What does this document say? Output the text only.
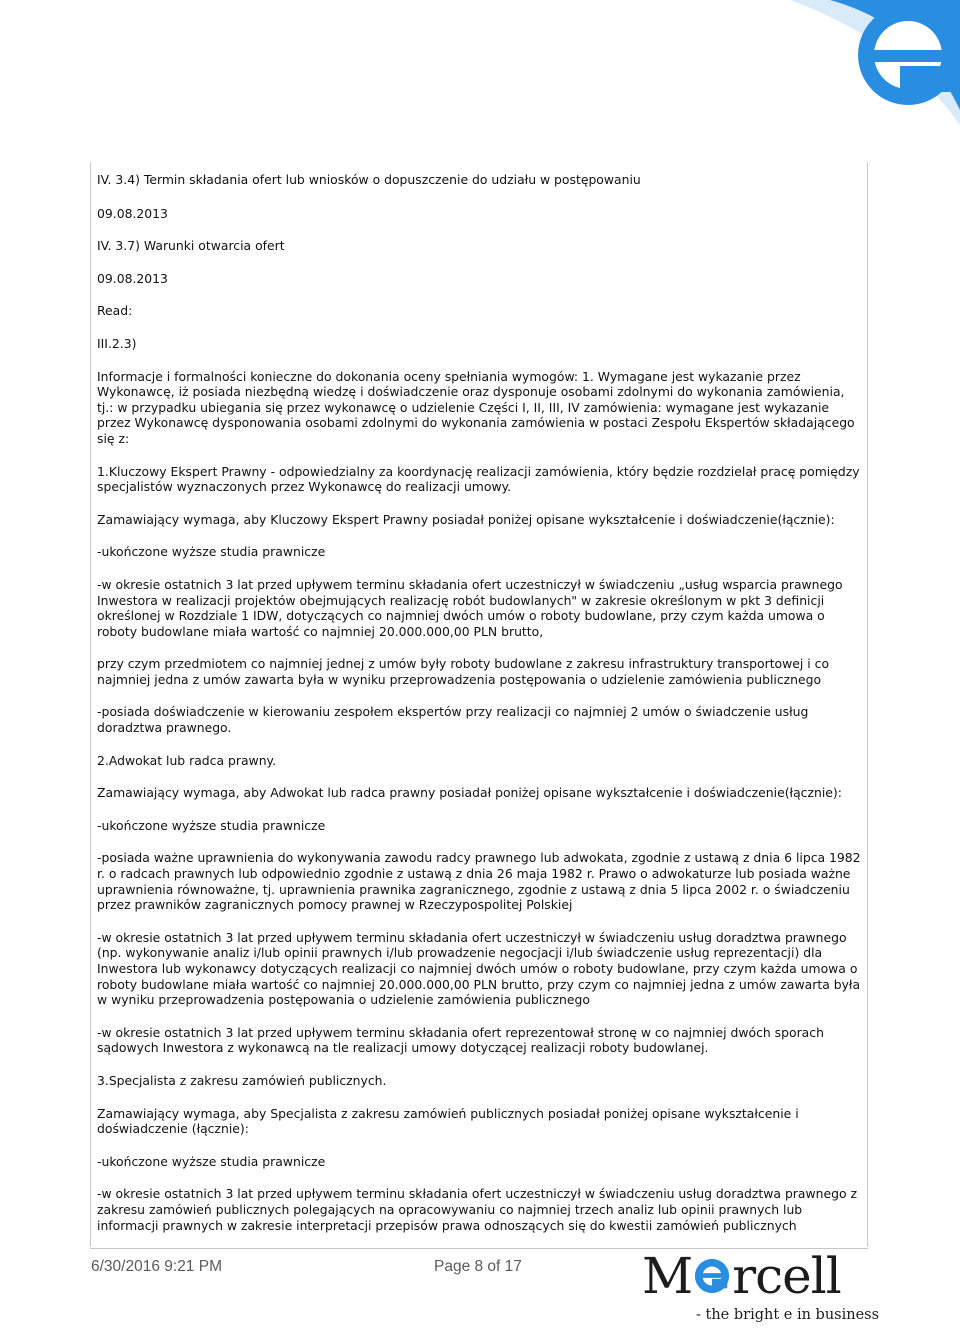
IV. 3.4) Termin składania ofert lub wniosków o dopuszczenie do udziału w postępowaniu

09.08.2013

IV. 3.7) Warunki otwarcia ofert

09.08.2013

Read:

III.2.3)

Informacje i formalności konieczne do dokonania oceny spełniania wymogów: 1. Wymagane jest wykazanie przez Wykonawcę, iż posiada niezbędną wiedzę i doświadczenie oraz dysponuje osobami zdolnymi do wykonania zamówienia, tj.: w przypadku ubiegania się przez wykonawcę o udzielenie Części I, II, III, IV zamówienia: wymagane jest wykazanie przez Wykonawcę dysponowania osobami zdolnymi do wykonania zamówienia w postaci Zespołu Ekspertów składającego się z:

1.Kluczowy Ekspert Prawny - odpowiedzialny za koordynację realizacji zamówienia, który będzie rozdzielał pracę pomiędzy specjalistów wyznaczonych przez Wykonawcę do realizacji umowy.

Zamawiający wymaga, aby Kluczowy Ekspert Prawny posiadał poniżej opisane wykształcenie i doświadczenie(łącznie):

-ukończone wyższe studia prawnicze

-w okresie ostatnich 3 lat przed upływem terminu składania ofert uczestniczył w świadczeniu „usług wsparcia prawnego Inwestora w realizacji projektów obejmujących realizację robót budowlanych" w zakresie określonym w pkt 3 definicji określonej w Rozdziale 1 IDW, dotyczących co najmniej dwóch umów o roboty budowlane, przy czym każda umowa o roboty budowlane miała wartość co najmniej 20.000.000,00 PLN brutto,

przy czym przedmiotem co najmniej jednej z umów były roboty budowlane z zakresu infrastruktury transportowej i co najmniej jedna z umów zawarta była w wyniku przeprowadzenia postępowania o udzielenie zamówienia publicznego

-posiada doświadczenie w kierowaniu zespołem ekspertów przy realizacji co najmniej 2 umów o świadczenie usług doradztwa prawnego.

2.Adwokat lub radca prawny.

Zamawiający wymaga, aby Adwokat lub radca prawny posiadał poniżej opisane wykształcenie i doświadczenie(łącznie):

-ukończone wyższe studia prawnicze

-posiada ważne uprawnienia do wykonywania zawodu radcy prawnego lub adwokata, zgodnie z ustawą z dnia 6 lipca 1982 r. o radcach prawnych lub odpowiednio zgodnie z ustawą z dnia 26 maja 1982 r. Prawo o adwokaturze lub posiada ważne uprawnienia równoważne, tj. uprawnienia prawnika zagranicznego, zgodnie z ustawą z dnia 5 lipca 2002 r. o świadczeniu przez prawników zagranicznych pomocy prawnej w Rzeczypospolitej Polskiej

-w okresie ostatnich 3 lat przed upływem terminu składania ofert uczestniczył w świadczeniu usług doradztwa prawnego (np. wykonywanie analiz i/lub opinii prawnych i/lub prowadzenie negocjacji i/lub świadczenie usług reprezentacji) dla Inwestora lub wykonawcy dotyczących realizacji co najmniej dwóch umów o roboty budowlane, przy czym każda umowa o roboty budowlane miała wartość co najmniej 20.000.000,00 PLN brutto, przy czym co najmniej jedna z umów zawarta była w wyniku przeprowadzenia postępowania o udzielenie zamówienia publicznego

-w okresie ostatnich 3 lat przed upływem terminu składania ofert reprezentował stronę w co najmniej dwóch sporach sądowych Inwestora z wykonawcą na tle realizacji umowy dotyczącej realizacji roboty budowlanej.

3.Specjalista z zakresu zamówień publicznych.

Zamawiający wymaga, aby Specjalista z zakresu zamówień publicznych posiadał poniżej opisane wykształcenie i doświadczenie (łącznie):

-ukończone wyższe studia prawnicze

-w okresie ostatnich 3 lat przed upływem terminu składania ofert uczestniczył w świadczeniu usług doradztwa prawnego z zakresu zamówień publicznych polegających na opracowywaniu co najmniej trzech analiz lub opinii prawnych lub informacji prawnych w zakresie interpretacji przepisów prawa odnoszących się do kwestii zamówień publicznych

6/30/2016 9:21 PM	Page 8 of 17 M rcell
- the bright e in business
